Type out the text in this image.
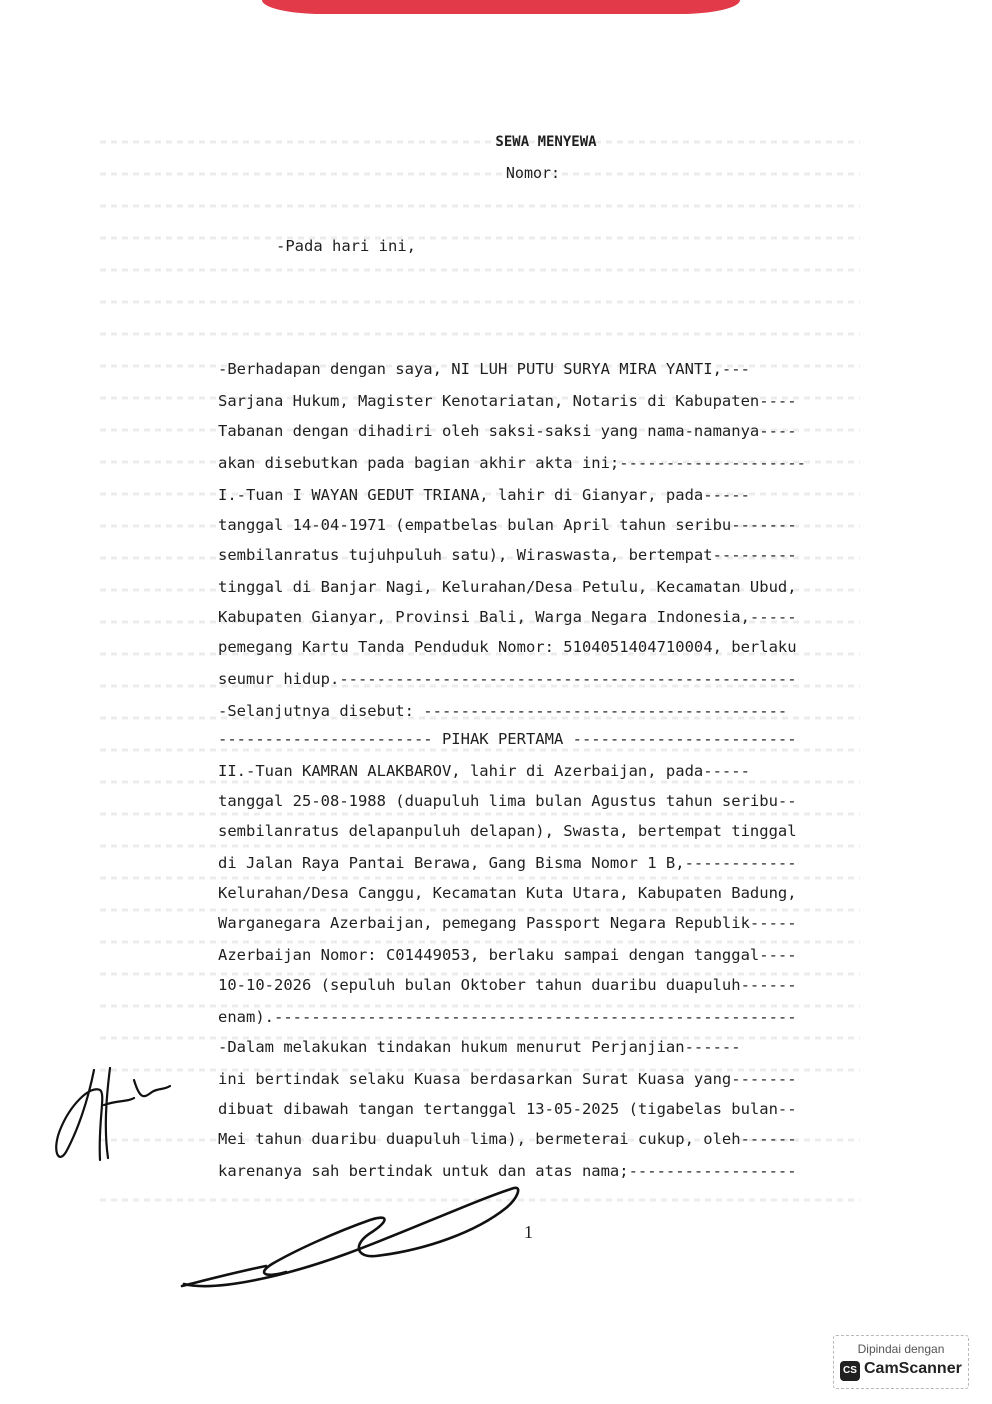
SEWA MENYEWA
Nomor:
-Pada hari ini,
-Berhadapan dengan saya, NI LUH PUTU SURYA MIRA YANTI,---
Sarjana Hukum, Magister Kenotariatan, Notaris di Kabupaten----
Tabanan dengan dihadiri oleh saksi-saksi yang nama-namanya----
akan disebutkan pada bagian akhir akta ini;--------------------
I.-Tuan I WAYAN GEDUT TRIANA, lahir di Gianyar, pada-----
tanggal 14-04-1971 (empatbelas bulan April tahun seribu-------
sembilanratus tujuhpuluh satu), Wiraswasta, bertempat---------
tinggal di Banjar Nagi, Kelurahan/Desa Petulu, Kecamatan Ubud,
Kabupaten Gianyar, Provinsi Bali, Warga Negara Indonesia,-----
pemegang Kartu Tanda Penduduk Nomor: 5104051404710004, berlaku
seumur hidup.-------------------------------------------------
-Selanjutnya disebut: ---------------------------------------
----------------------- PIHAK PERTAMA ------------------------
II.-Tuan KAMRAN ALAKBAROV, lahir di Azerbaijan, pada-----
tanggal 25-08-1988 (duapuluh lima bulan Agustus tahun seribu--
sembilanratus delapanpuluh delapan), Swasta, bertempat tinggal
di Jalan Raya Pantai Berawa, Gang Bisma Nomor 1 B,------------
Kelurahan/Desa Canggu, Kecamatan Kuta Utara, Kabupaten Badung,
Warganegara Azerbaijan, pemegang Passport Negara Republik-----
Azerbaijan Nomor: C01449053, berlaku sampai dengan tanggal----
10-10-2026 (sepuluh bulan Oktober tahun duaribu duapuluh------
enam).--------------------------------------------------------
-Dalam melakukan tindakan hukum menurut Perjanjian------
ini bertindak selaku Kuasa berdasarkan Surat Kuasa yang-------
dibuat dibawah tangan tertanggal 13-05-2025 (tigabelas bulan--
Mei tahun duaribu duapuluh lima), bermeterai cukup, oleh------
karenanya sah bertindak untuk dan atas nama;------------------
1
Dipindai dengan
CS CamScanner
